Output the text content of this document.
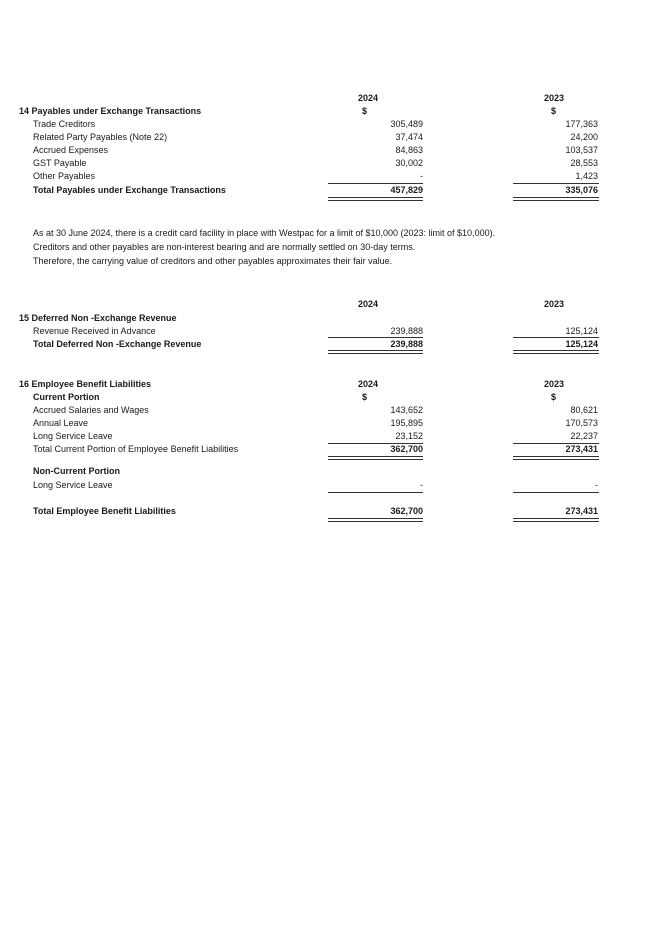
2024	2023
14 Payables under Exchange Transactions	$	$
Trade Creditors	305,489	177,363
Related Party Payables (Note 22)	37,474	24,200
Accrued Expenses	84,863	103,537
GST Payable	30,002	28,553
Other Payables	-	1,423
Total Payables under Exchange Transactions	457,829	335,076
As at 30 June 2024, there is a credit card facility in place with Westpac for a limit of $10,000 (2023: limit of $10,000).
Creditors and other payables are non-interest bearing and are normally settled on 30-day terms.
Therefore, the carrying value of creditors and other payables approximates their fair value.
2024	2023
15 Deferred Non -Exchange Revenue
Revenue Received in Advance	239,888	125,124
Total Deferred Non -Exchange Revenue	239,888	125,124
16 Employee Benefit Liabilities	2024	2023
Current Portion	$	$
Accrued Salaries and Wages	143,652	80,621
Annual Leave	195,895	170,573
Long Service Leave	23,152	22,237
Total Current Portion of Employee Benefit Liabilities	362,700	273,431
Non-Current Portion
Long Service Leave	-	-
Total Employee Benefit Liabilities	362,700	273,431
